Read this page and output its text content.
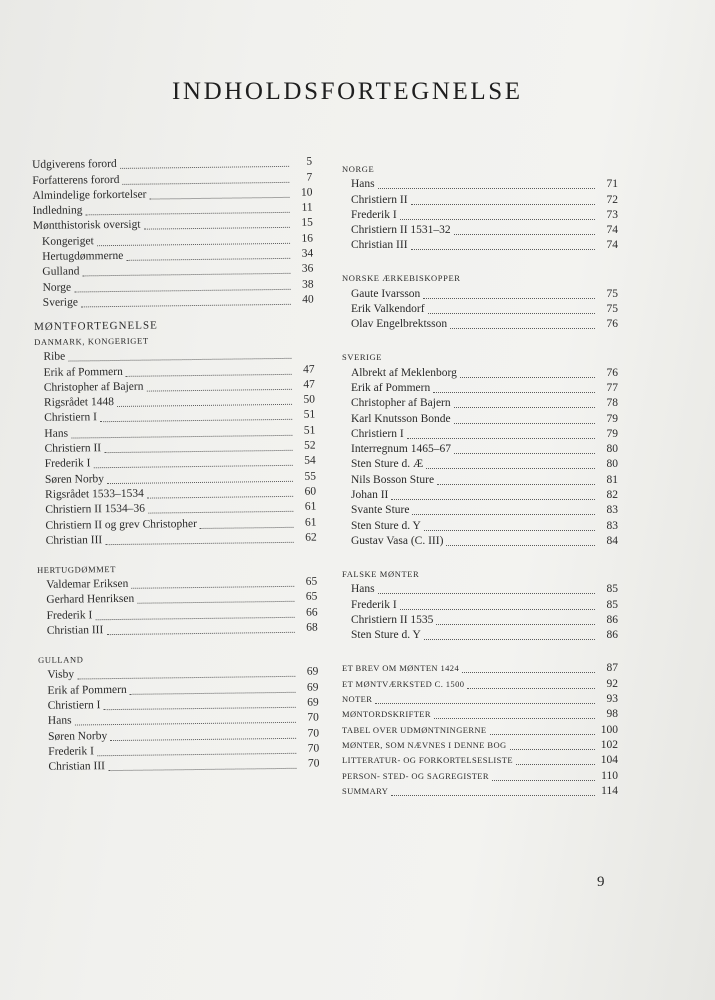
INDHOLDSFORTEGNELSE
Udgiverens forord	5
Forfatterens forord	7
Almindelige forkortelser	10
Indledning	11
Møntthistorisk oversigt	15
Kongeriget	16
Hertugdømmerne	34
Gulland	36
Norge	38
Sverige	40
MØNTFORTEGNELSE
DANMARK, KONGERIGET
Ribe
Erik af Pommern	47
Christopher af Bajern	47
Rigsrådet 1448	50
Christiern I	51
Hans	51
Christiern II	52
Frederik I	54
Søren Norby	55
Rigsrådet 1533–1534	60
Christiern II 1534–36	61
Christiern II og grev Christopher	61
Christian III	62
HERTUGDØMMET
Valdemar Eriksen	65
Gerhard Henriksen	65
Frederik I	66
Christian III	68
GULLAND
Visby	69
Erik af Pommern	69
Christiern I	69
Hans	70
Søren Norby	70
Frederik I	70
Christian III	70
NORGE
Hans	71
Christiern II	72
Frederik I	73
Christiern II 1531–32	74
Christian III	74
NORSKE ÆRKEBISKOPPER
Gaute Ivarsson	75
Erik Valkendorf	75
Olav Engelbrektsson	76
SVERIGE
Albrekt af Meklenborg	76
Erik af Pommern	77
Christopher af Bajern	78
Karl Knutsson Bonde	79
Christiern I	79
Interregnum 1465–67	80
Sten Sture d. Æ	80
Nils Bosson Sture	81
Johan II	82
Svante Sture	83
Sten Sture d. Y	83
Gustav Vasa (C. III)	84
FALSKE MØNTER
Hans	85
Frederik I	85
Christiern II 1535	86
Sten Sture d. Y	86
ET BREV OM MØNTEN 1424	87
ET MØNTVÆRKSTED C. 1500	92
NOTER	93
MØNTORDSKRIFTER	98
TABEL OVER UDMØNTNINGERNE	100
MØNTER, SOM NÆVNES I DENNE BOG	102
LITTERATUR- OG FORKORTELSESLISTE	104
PERSON- STED- OG SAGREGISTER	110
SUMMARY	114
9
